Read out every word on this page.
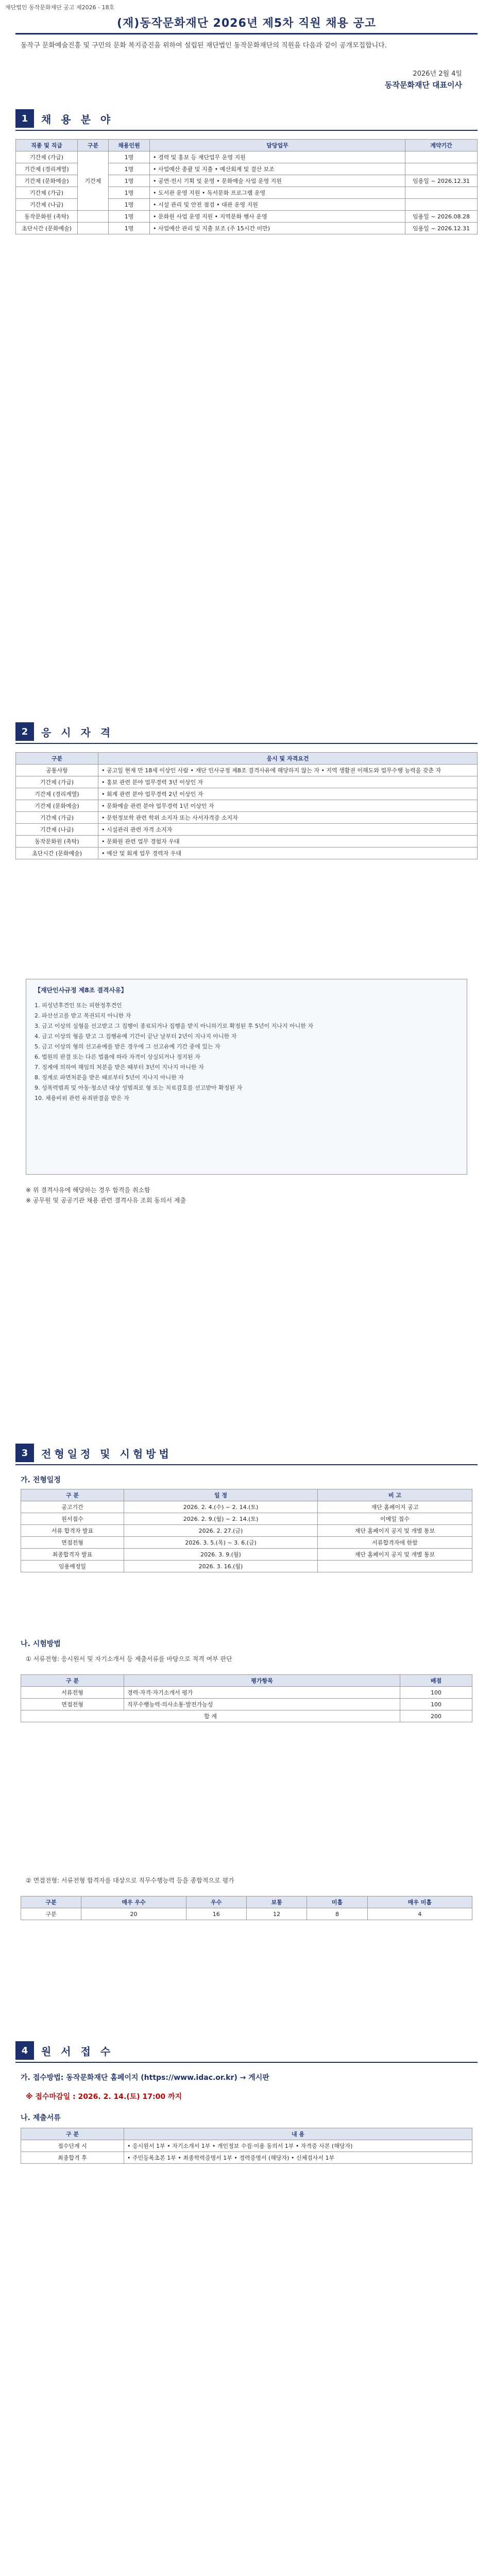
재단법인 동작문화재단 공고 제2026 - 18호
(재)동작문화재단 2026년 제5차 직원 채용 공고
동작구 문화예술진흥 및 구민의 문화 복지증진을 위하여 설립된 재단법인 동작문화재단의 직원을 다음과 같이 공개모집합니다.
2026년 2월 4일
동작문화재단 대표이사
1	채 용 분 야
직종 및 직급	구분	채용인원	담당업무	계약기간
기간제 (가급)	기간제	1명	• 경력 및 홍보 등 재단업무 운영 지원	
기간제 (경리계열)		1명	• 사업예산 총괄 및 지출 • 예산회계 및 결산 보조	
기간제 (문화예술)		1명	• 공연·전시 기획 및 운영 • 문화예술 사업 운영 지원	임용일 ~ 2026.12.31
기간제 (가급)		1명	• 도서관 운영 지원 • 독서문화 프로그램 운영	
기간제 (나급)		1명	• 시설 관리 및 안전 점검 • 대관 운영 지원	
동작문화원 (촉탁)		1명	• 문화원 사업 운영 지원 • 지역문화 행사 운영	임용일 ~ 2026.08.28
초단시간 (문화예술)		1명	• 사업예산 관리 및 지출 보조 (주 15시간 미만)	임용일 ~ 2026.12.31
2	응 시 자 격
구분	응시 및 자격요건
공통사항	• 공고일 현재 만 18세 이상인 사람 • 재단 인사규정 제8조 결격사유에 해당하지 않는 자 • 지역 생활권 이해도와 업무수행 능력을 갖춘 자
기간제 (가급)	• 홍보 관련 분야 업무경력 3년 이상인 자
기간제 (경리계열)	• 회계 관련 분야 업무경력 2년 이상인 자
기간제 (문화예술)	• 문화예술 관련 분야 업무경력 1년 이상인 자
기간제 (가급)	• 문헌정보학 관련 학위 소지자 또는 사서자격증 소지자
기간제 (나급)	• 시설관리 관련 자격 소지자
동작문화원 (촉탁)	• 문화원 관련 업무 경험자 우대
초단시간 (문화예술)	• 예산 및 회계 업무 경력자 우대
【재단인사규정 제8조 결격사유】
1. 피성년후견인 또는 피한정후견인
2. 파산선고를 받고 복권되지 아니한 자
3. 금고 이상의 실형을 선고받고 그 집행이 종료되거나 집행을 받지 아니하기로 확정된 후 5년이 지나지 아니한 자
4. 금고 이상의 형을 받고 그 집행유예 기간이 끝난 날부터 2년이 지나지 아니한 자
5. 금고 이상의 형의 선고유예를 받은 경우에 그 선고유예 기간 중에 있는 자
6. 법원의 판결 또는 다른 법률에 따라 자격이 상실되거나 정지된 자
7. 징계에 의하여 해임의 처분을 받은 때부터 3년이 지나지 아니한 자
8. 징계로 파면처분을 받은 때로부터 5년이 지나지 아니한 자
9. 성폭력범죄 및 아동·청소년 대상 성범죄로 형 또는 치료감호를 선고받아 확정된 자
10. 채용비위 관련 유죄판결을 받은 자
※ 위 결격사유에 해당하는 경우 합격을 취소함
※ 공무원 및 공공기관 채용 관련 결격사유 조회 동의서 제출
3	전형일정 및 시험방법
가. 전형일정
구 분	일 정	비 고
공고기간	2026. 2. 4.(수) ~ 2. 14.(토)	재단 홈페이지 공고
원서접수	2026. 2. 9.(월) ~ 2. 14.(토)	이메일 접수
서류 합격자 발표	2026. 2. 27.(금)	재단 홈페이지 공지 및 개별 통보
면접전형	2026. 3. 5.(목) ~ 3. 6.(금)	서류합격자에 한함
최종합격자 발표	2026. 3. 9.(월)	재단 홈페이지 공지 및 개별 통보
임용예정일	2026. 3. 16.(월)	
나. 시험방법
① 서류전형: 응시원서 및 자기소개서 등 제출서류를 바탕으로 적격 여부 판단
구 분	평가항목	배점
서류전형	경력·자격·자기소개서 평가	100
면접전형	직무수행능력·의사소통·발전가능성	100
합 계		200
② 면접전형: 서류전형 합격자를 대상으로 직무수행능력 등을 종합적으로 평가
구분	매우 우수	우수	보통	미흡	매우 미흡
구분	20	16	12	8	4
4	원 서 접 수
가. 접수방법: 동작문화재단 홈페이지 (https://www.idac.or.kr) → 게시판
※ 접수마감일 : 2026. 2. 14.(토) 17:00 까지
나. 제출서류
구 분	내 용
접수단계 시	• 응시원서 1부 • 자기소개서 1부 • 개인정보 수집·이용 동의서 1부 • 자격증 사본 (해당자)
최종합격 후	• 주민등록초본 1부 • 최종학력증명서 1부 • 경력증명서 (해당자) • 신체검사서 1부
